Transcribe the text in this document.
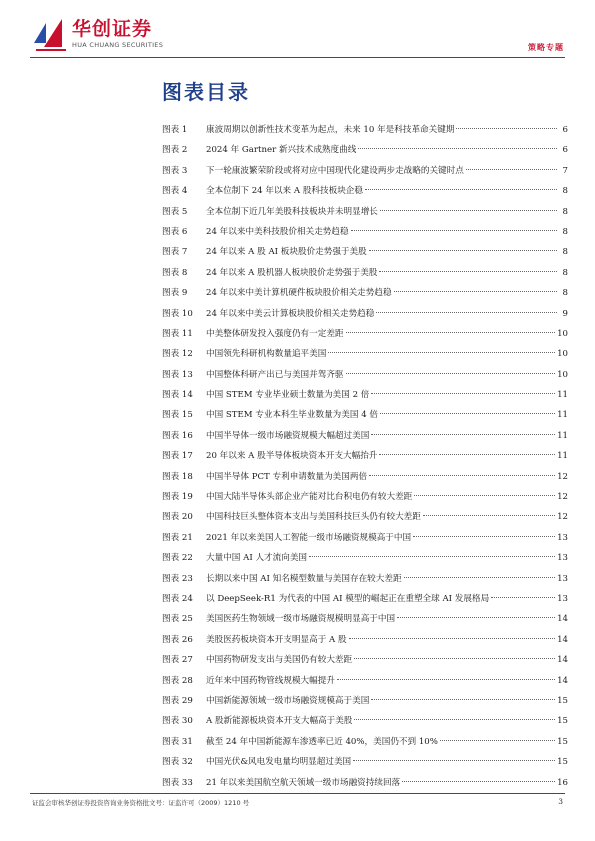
华创证券
HUA CHUANG SECURITIES	策略专题
图表目录
图表 1	康波周期以创新性技术变革为起点，未来 10 年是科技革命关键期	6
图表 2	2024 年 Gartner 新兴技术成熟度曲线	6
图表 3	下一轮康波繁荣阶段或将对应中国现代化建设两步走战略的关键时点	7
图表 4	全本位制下 24 年以来 A 股科技板块企稳	8
图表 5	全本位制下近几年美股科技板块并未明显增长	8
图表 6	24 年以来中美科技股价相关走势趋稳	8
图表 7	24 年以来 A 股 AI 板块股价走势强于美股	8
图表 8	24 年以来 A 股机器人板块股价走势强于美股	8
图表 9	24 年以来中美计算机硬件板块股价相关走势趋稳	8
图表 10	24 年以来中美云计算板块股价相关走势趋稳	9
图表 11	中美整体研发投入强度仍有一定差距	10
图表 12	中国领先科研机构数量追平美国	10
图表 13	中国整体科研产出已与美国并驾齐驱	10
图表 14	中国 STEM 专业毕业硕士数量为美国 2 倍	11
图表 15	中国 STEM 专业本科生毕业数量为美国 4 倍	11
图表 16	中国半导体一级市场融资规模大幅超过美国	11
图表 17	20 年以来 A 股半导体板块资本开支大幅抬升	11
图表 18	中国半导体 PCT 专利申请数量为美国两倍	12
图表 19	中国大陆半导体头部企业产能对比台积电仍有较大差距	12
图表 20	中国科技巨头整体资本支出与美国科技巨头仍有较大差距	12
图表 21	2021 年以来美国人工智能一级市场融资规模高于中国	13
图表 22	大量中国 AI 人才流向美国	13
图表 23	长期以来中国 AI 知名模型数量与美国存在较大差距	13
图表 24	以 DeepSeek-R1 为代表的中国 AI 模型的崛起正在重塑全球 AI 发展格局	13
图表 25	美国医药生物领域一级市场融资规模明显高于中国	14
图表 26	美股医药板块资本开支明显高于 A 股	14
图表 27	中国药物研发支出与美国仍有较大差距	14
图表 28	近年来中国药物管线规模大幅提升	14
图表 29	中国新能源领域一级市场融资规模高于美国	15
图表 30	A 股新能源板块资本开支大幅高于美股	15
图表 31	截至 24 年中国新能源车渗透率已近 40%，美国仍不到 10%	15
图表 32	中国光伏&风电发电量均明显超过美国	15
图表 33	21 年以来美国航空航天领域一级市场融资持续回落	16
证监会审核华创证券投资咨询业务资格批文号：证监许可（2009）1210 号	3
